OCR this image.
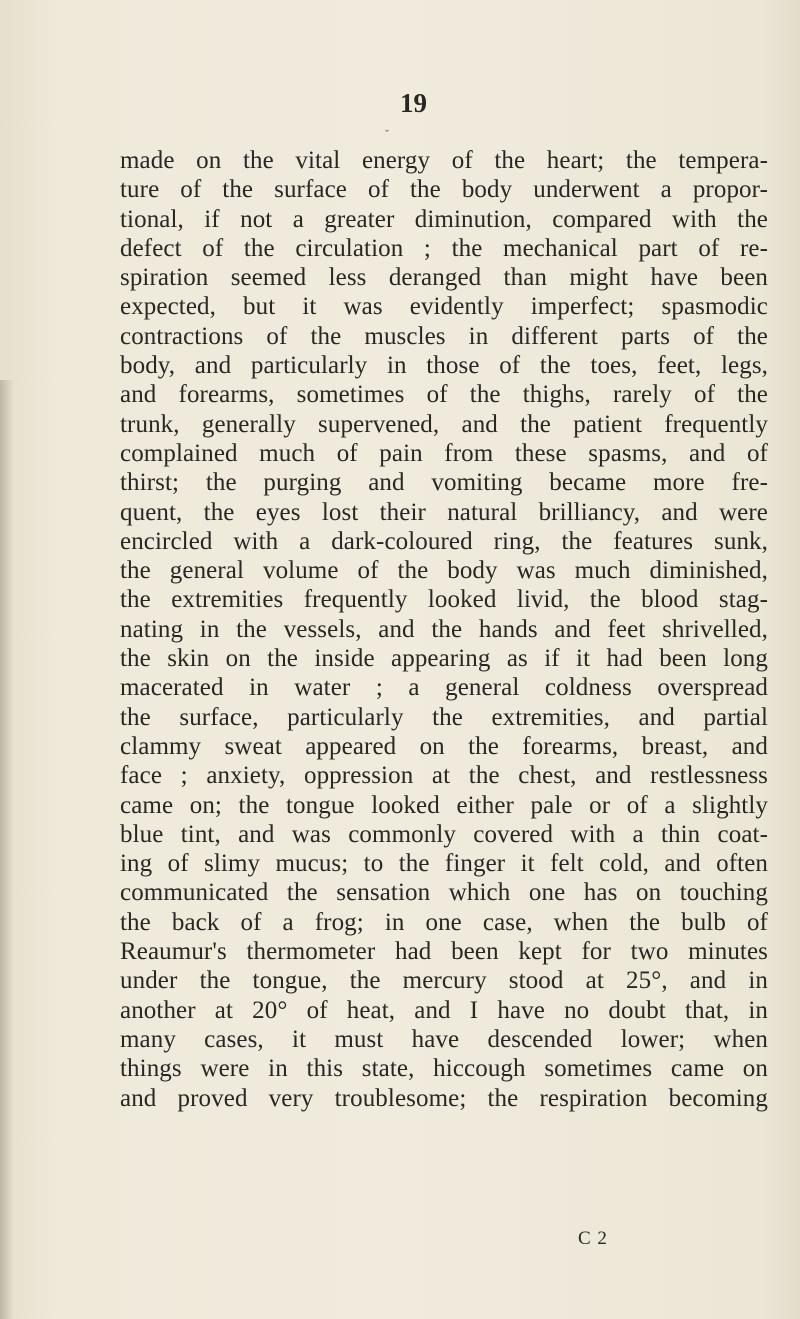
19
ˬ
made on the vital energy of the heart; the tempera-
ture of the surface of the body underwent a propor-
tional, if not a greater diminution, compared with the
defect of the circulation ; the mechanical part of re-
spiration seemed less deranged than might have been
expected, but it was evidently imperfect; spasmodic
contractions of the muscles in different parts of the
body, and particularly in those of the toes, feet, legs,
and forearms, sometimes of the thighs, rarely of the
trunk, generally supervened, and the patient frequently
complained much of pain from these spasms, and of
thirst; the purging and vomiting became more fre-
quent, the eyes lost their natural brilliancy, and were
encircled with a dark-coloured ring, the features sunk,
the general volume of the body was much diminished,
the extremities frequently looked livid, the blood stag-
nating in the vessels, and the hands and feet shrivelled,
the skin on the inside appearing as if it had been long
macerated in water ; a general coldness overspread
the surface, particularly the extremities, and partial
clammy sweat appeared on the forearms, breast, and
face ; anxiety, oppression at the chest, and restlessness
came on; the tongue looked either pale or of a slightly
blue tint, and was commonly covered with a thin coat-
ing of slimy mucus; to the finger it felt cold, and often
communicated the sensation which one has on touching
the back of a frog; in one case, when the bulb of
Reaumur's thermometer had been kept for two minutes
under the tongue, the mercury stood at 25°, and in
another at 20° of heat, and I have no doubt that, in
many cases, it must have descended lower; when
things were in this state, hiccough sometimes came on
and proved very troublesome; the respiration becoming
C 2
